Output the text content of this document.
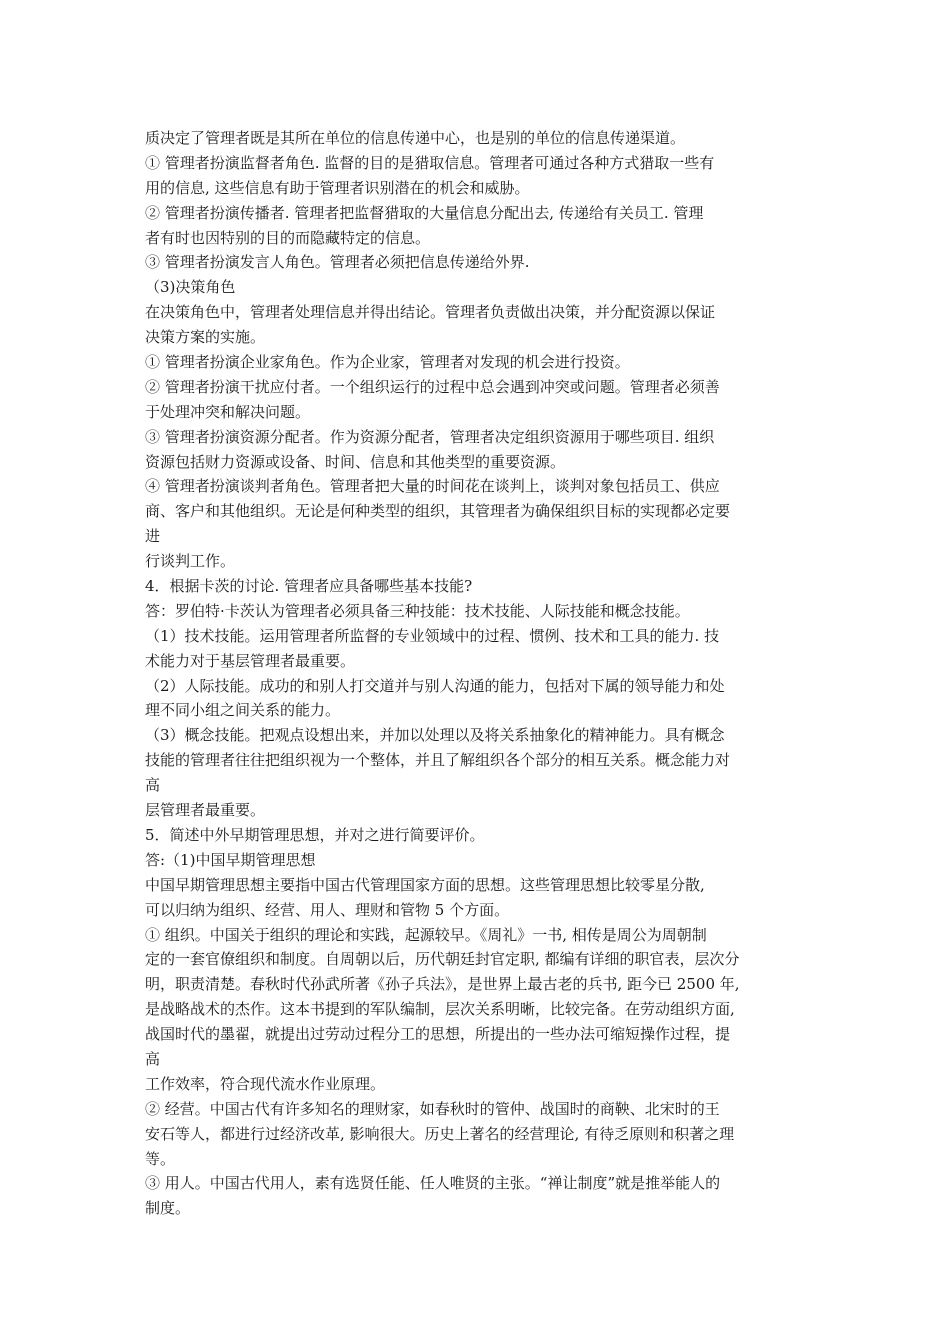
质决定了管理者既是其所在单位的信息传递中心，也是别的单位的信息传递渠道。
① 管理者扮演监督者角色. 监督的目的是猎取信息。管理者可通过各种方式猎取一些有
用的信息, 这些信息有助于管理者识别潜在的机会和威胁。
② 管理者扮演传播者. 管理者把监督猎取的大量信息分配出去, 传递给有关员工. 管理
者有时也因特别的目的而隐藏特定的信息。
③ 管理者扮演发言人角色。管理者必须把信息传递给外界.
（3)决策角色
在决策角色中，管理者处理信息并得出结论。管理者负责做出决策，并分配资源以保证
决策方案的实施。
① 管理者扮演企业家角色。作为企业家，管理者对发现的机会进行投资。
② 管理者扮演干扰应付者。一个组织运行的过程中总会遇到冲突或问题。管理者必须善
于处理冲突和解决问题。
③ 管理者扮演资源分配者。作为资源分配者，管理者决定组织资源用于哪些项目. 组织
资源包括财力资源或设备、时间、信息和其他类型的重要资源。
④ 管理者扮演谈判者角色。管理者把大量的时间花在谈判上，谈判对象包括员工、供应
商、客户和其他组织。无论是何种类型的组织，其管理者为确保组织目标的实现都必定要
进
行谈判工作。
4．根据卡茨的讨论. 管理者应具备哪些基本技能?
答：罗伯特·卡茨认为管理者必须具备三种技能：技术技能、人际技能和概念技能。
（1）技术技能。运用管理者所监督的专业领域中的过程、惯例、技术和工具的能力. 技
术能力对于基层管理者最重要。
（2）人际技能。成功的和别人打交道并与别人沟通的能力，包括对下属的领导能力和处
理不同小组之间关系的能力。
（3）概念技能。把观点设想出来，并加以处理以及将关系抽象化的精神能力。具有概念
技能的管理者往往把组织视为一个整体，并且了解组织各个部分的相互关系。概念能力对
高
层管理者最重要。
5．简述中外早期管理思想，并对之进行简要评价。
答:（1)中国早期管理思想
中国早期管理思想主要指中国古代管理国家方面的思想。这些管理思想比较零星分散,
可以归纳为组织、经营、用人、理财和管物 5 个方面。
① 组织。中国关于组织的理论和实践，起源较早。《周礼》一书, 相传是周公为周朝制
定的一套官僚组织和制度。自周朝以后，历代朝廷封官定职, 都编有详细的职官表，层次分
明，职责清楚。春秋时代孙武所著《孙子兵法》，是世界上最古老的兵书, 距今已 2500 年,
是战略战术的杰作。这本书提到的军队编制，层次关系明晰，比较完备。在劳动组织方面,
战国时代的墨翟，就提出过劳动过程分工的思想，所提出的一些办法可缩短操作过程，提
高
工作效率，符合现代流水作业原理。
② 经营。中国古代有许多知名的理财家，如春秋时的管仲、战国时的商鞅、北宋时的王
安石等人，都进行过经济改革, 影响很大。历史上著名的经营理论, 有待乏原则和积著之理
等。
③ 用人。中国古代用人，素有选贤任能、任人唯贤的主张。“禅让制度”就是推举能人的
制度。
